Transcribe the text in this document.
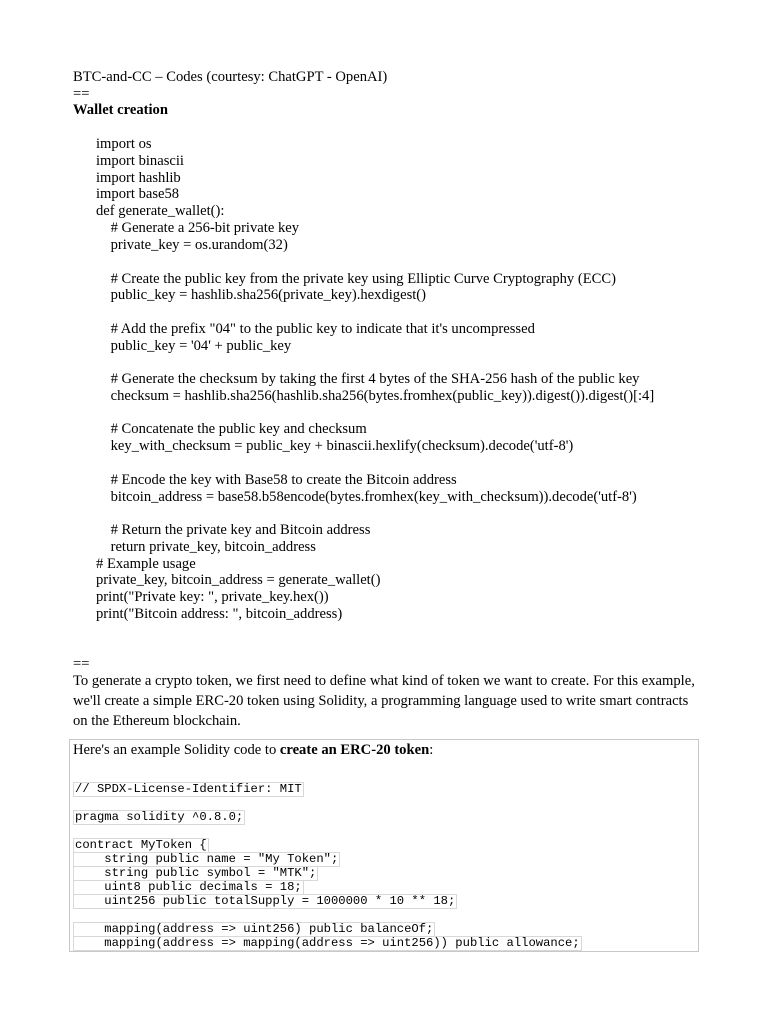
BTC-and-CC – Codes (courtesy: ChatGPT - OpenAI)

==

Wallet creation

import os

import binascii

import hashlib

import base58

def generate_wallet():

# Generate a 256-bit private key

private_key = os.urandom(32)

# Create the public key from the private key using Elliptic Curve Cryptography (ECC)

public_key = hashlib.sha256(private_key).hexdigest()

# Add the prefix "04" to the public key to indicate that it's uncompressed

public_key = '04' + public_key

# Generate the checksum by taking the first 4 bytes of the SHA-256 hash of the public key

checksum = hashlib.sha256(hashlib.sha256(bytes.fromhex(public_key)).digest()).digest()[:4]

# Concatenate the public key and checksum

key_with_checksum = public_key + binascii.hexlify(checksum).decode('utf-8')

# Encode the key with Base58 to create the Bitcoin address

bitcoin_address = base58.b58encode(bytes.fromhex(key_with_checksum)).decode('utf-8')

# Return the private key and Bitcoin address

return private_key, bitcoin_address

# Example usage

private_key, bitcoin_address = generate_wallet()

print("Private key: ", private_key.hex())

print("Bitcoin address: ", bitcoin_address)

==

To generate a crypto token, we first need to define what kind of token we want to create. For this example, we'll create a simple ERC-20 token using Solidity, a programming language used to write smart contracts on the Ethereum blockchain.

Here's an example Solidity code to create an ERC-20 token:
// SPDX-License-Identifier: MIT
pragma solidity ^0.8.0;
contract MyToken {
string public name = "My Token";
string public symbol = "MTK";
uint8 public decimals = 18;
uint256 public totalSupply = 1000000 * 10 ** 18;
mapping(address => uint256) public balanceOf;
mapping(address => mapping(address => uint256)) public allowance;
